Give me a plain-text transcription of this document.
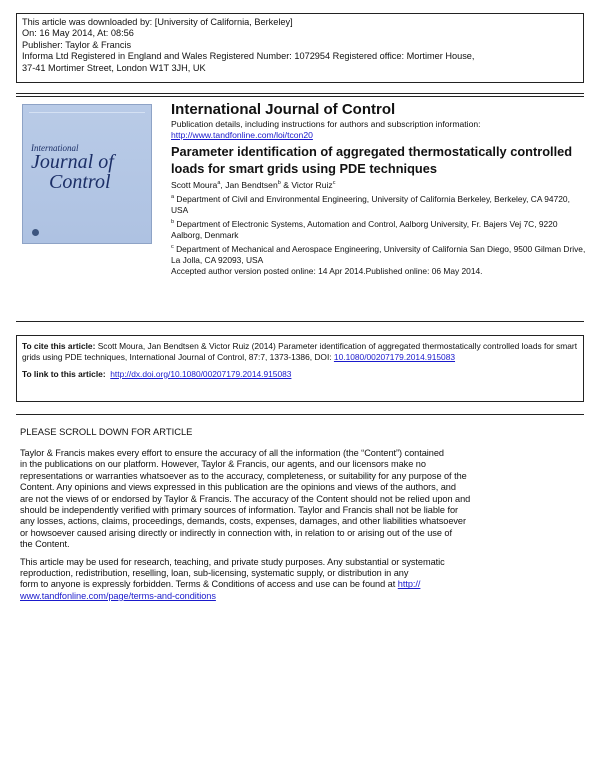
This article was downloaded by: [University of California, Berkeley]
On: 16 May 2014, At: 08:56
Publisher: Taylor & Francis
Informa Ltd Registered in England and Wales Registered Number: 1072954 Registered office: Mortimer House,
37-41 Mortimer Street, London W1T 3JH, UK
International
Journal of
Control
International Journal of Control
Publication details, including instructions for authors and subscription information:
http://www.tandfonline.com/loi/tcon20
Parameter identification of aggregated thermostatically controlled loads for smart grids using PDE techniques
Scott Moura$^a$, Jan Bendtsen$^b$ & Victor Ruiz$^c$
$^a$ Department of Civil and Environmental Engineering, University of California Berkeley, Berkeley, CA 94720, USA
$^b$ Department of Electronic Systems, Automation and Control, Aalborg University, Fr. Bajers Vej 7C, 9220 Aalborg, Denmark
$^c$ Department of Mechanical and Aerospace Engineering, University of California San Diego, 9500 Gilman Drive, La Jolla, CA 92093, USA
Accepted author version posted online: 14 Apr 2014.Published online: 06 May 2014.

To cite this article: Scott Moura, Jan Bendtsen & Victor Ruiz (2014) Parameter identification of aggregated thermostatically controlled loads for smart grids using PDE techniques, International Journal of Control, 87:7, 1373-1386, DOI: 10.1080/00207179.2014.915083

To link to this article: http://dx.doi.org/10.1080/00207179.2014.915083

PLEASE SCROLL DOWN FOR ARTICLE

Taylor & Francis makes every effort to ensure the accuracy of all the information (the “Content”) contained
in the publications on our platform. However, Taylor & Francis, our agents, and our licensors make no
representations or warranties whatsoever as to the accuracy, completeness, or suitability for any purpose of the
Content. Any opinions and views expressed in this publication are the opinions and views of the authors, and
are not the views of or endorsed by Taylor & Francis. The accuracy of the Content should not be relied upon and
should be independently verified with primary sources of information. Taylor and Francis shall not be liable for
any losses, actions, claims, proceedings, demands, costs, expenses, damages, and other liabilities whatsoever
or howsoever caused arising directly or indirectly in connection with, in relation to or arising out of the use of
the Content.

This article may be used for research, teaching, and private study purposes. Any substantial or systematic
reproduction, redistribution, reselling, loan, sub-licensing, systematic supply, or distribution in any
form to anyone is expressly forbidden. Terms & Conditions of access and use can be found at http://
www.tandfonline.com/page/terms-and-conditions
